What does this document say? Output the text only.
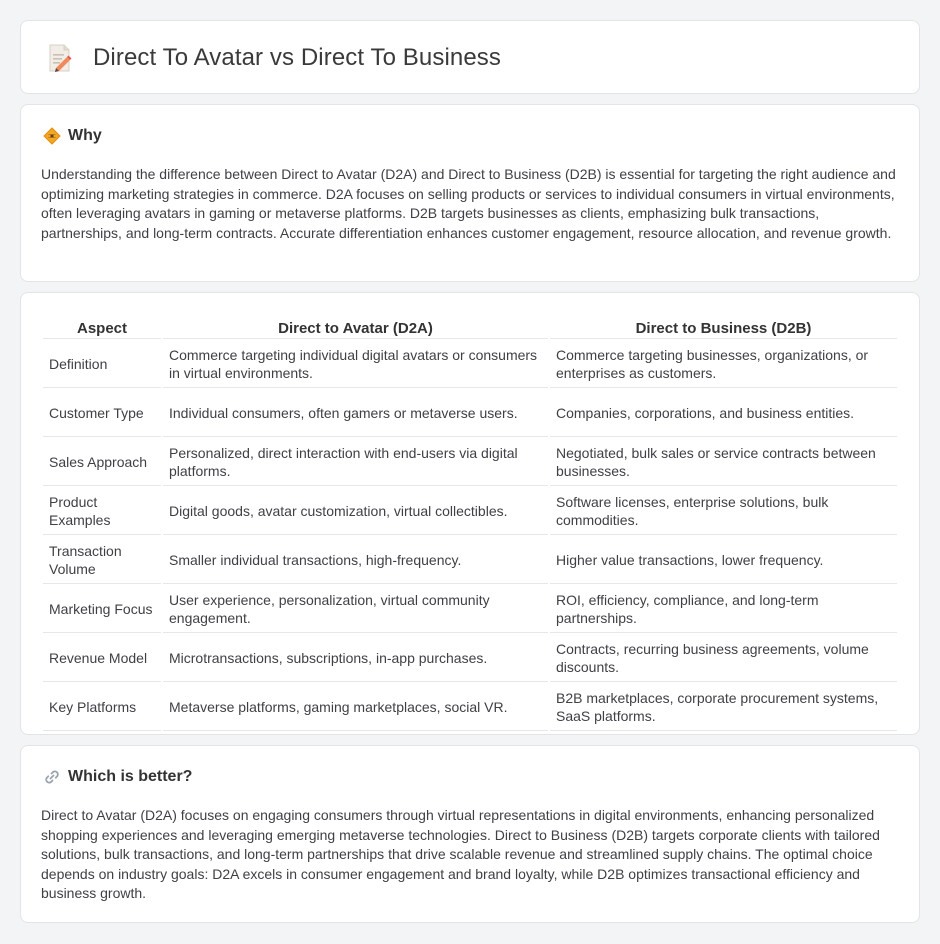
Direct To Avatar vs Direct To Business
Why

Understanding the difference between Direct to Avatar (D2A) and Direct to Business (D2B) is essential for targeting the right audience and optimizing marketing strategies in commerce. D2A focuses on selling products or services to individual consumers in virtual environments, often leveraging avatars in gaming or metaverse platforms. D2B targets businesses as clients, emphasizing bulk transactions, partnerships, and long-term contracts. Accurate differentiation enhances customer engagement, resource allocation, and revenue growth.

Aspect	Direct to Avatar (D2A)	Direct to Business (D2B)
Definition	Commerce targeting individual digital avatars or consumers in virtual environments.	Commerce targeting businesses, organizations, or enterprises as customers.
Customer Type	Individual consumers, often gamers or metaverse users.	Companies, corporations, and business entities.
Sales Approach	Personalized, direct interaction with end-users via digital platforms.	Negotiated, bulk sales or service contracts between businesses.
Product Examples	Digital goods, avatar customization, virtual collectibles.	Software licenses, enterprise solutions, bulk commodities.
Transaction Volume	Smaller individual transactions, high-frequency.	Higher value transactions, lower frequency.
Marketing Focus	User experience, personalization, virtual community engagement.	ROI, efficiency, compliance, and long-term partnerships.
Revenue Model	Microtransactions, subscriptions, in-app purchases.	Contracts, recurring business agreements, volume discounts.
Key Platforms	Metaverse platforms, gaming marketplaces, social VR.	B2B marketplaces, corporate procurement systems, SaaS platforms.
Which is better?

Direct to Avatar (D2A) focuses on engaging consumers through virtual representations in digital environments, enhancing personalized shopping experiences and leveraging emerging metaverse technologies. Direct to Business (D2B) targets corporate clients with tailored solutions, bulk transactions, and long-term partnerships that drive scalable revenue and streamlined supply chains. The optimal choice depends on industry goals: D2A excels in consumer engagement and brand loyalty, while D2B optimizes transactional efficiency and business growth.
